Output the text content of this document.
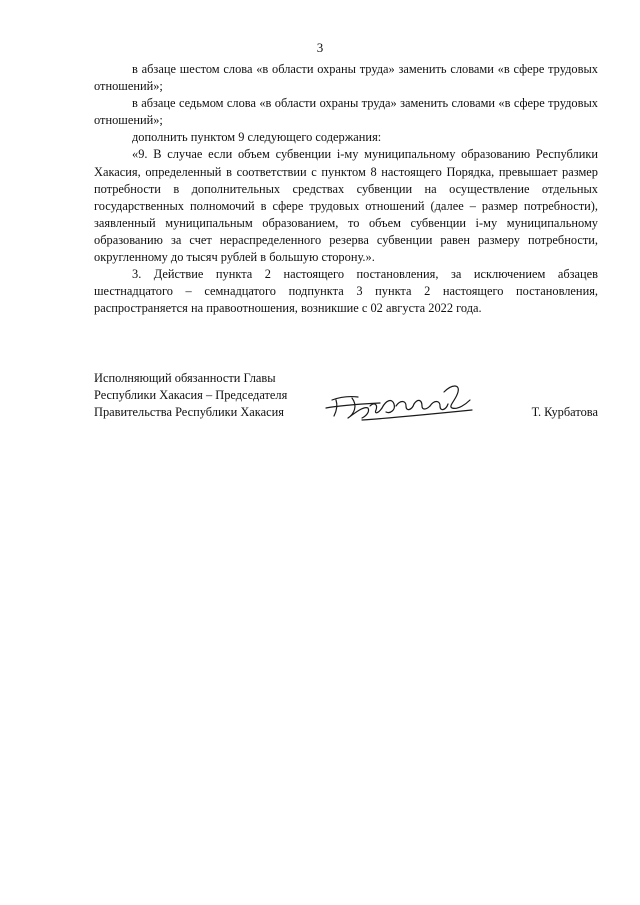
3

в абзаце шестом слова «в области охраны труда» заменить словами «в сфере трудовых отношений»;

в абзаце седьмом слова «в области охраны труда» заменить словами «в сфере трудовых отношений»;

дополнить пунктом 9 следующего содержания:

«9. В случае если объем субвенции i-му муниципальному образованию Республики Хакасия, определенный в соответствии с пунктом 8 настоящего Порядка, превышает размер потребности в дополнительных средствах субвенции на осуществление отдельных государственных полномочий в сфере трудовых отношений (далее – размер потребности), заявленный муниципальным образованием, то объем субвенции i-му муниципальному образованию за счет нераспределенного резерва субвенции равен размеру потребности, округленному до тысяч рублей в большую сторону.».

3. Действие пункта 2 настоящего постановления, за исключением абзацев шестнадцатого – семнадцатого подпункта 3 пункта 2 настоящего постановления, распространяется на правоотношения, возникшие с 02 августа 2022 года.

Исполняющий обязанности Главы
Республики Хакасия – Председателя
Правительства Республики Хакасия	Т. Курбатова
